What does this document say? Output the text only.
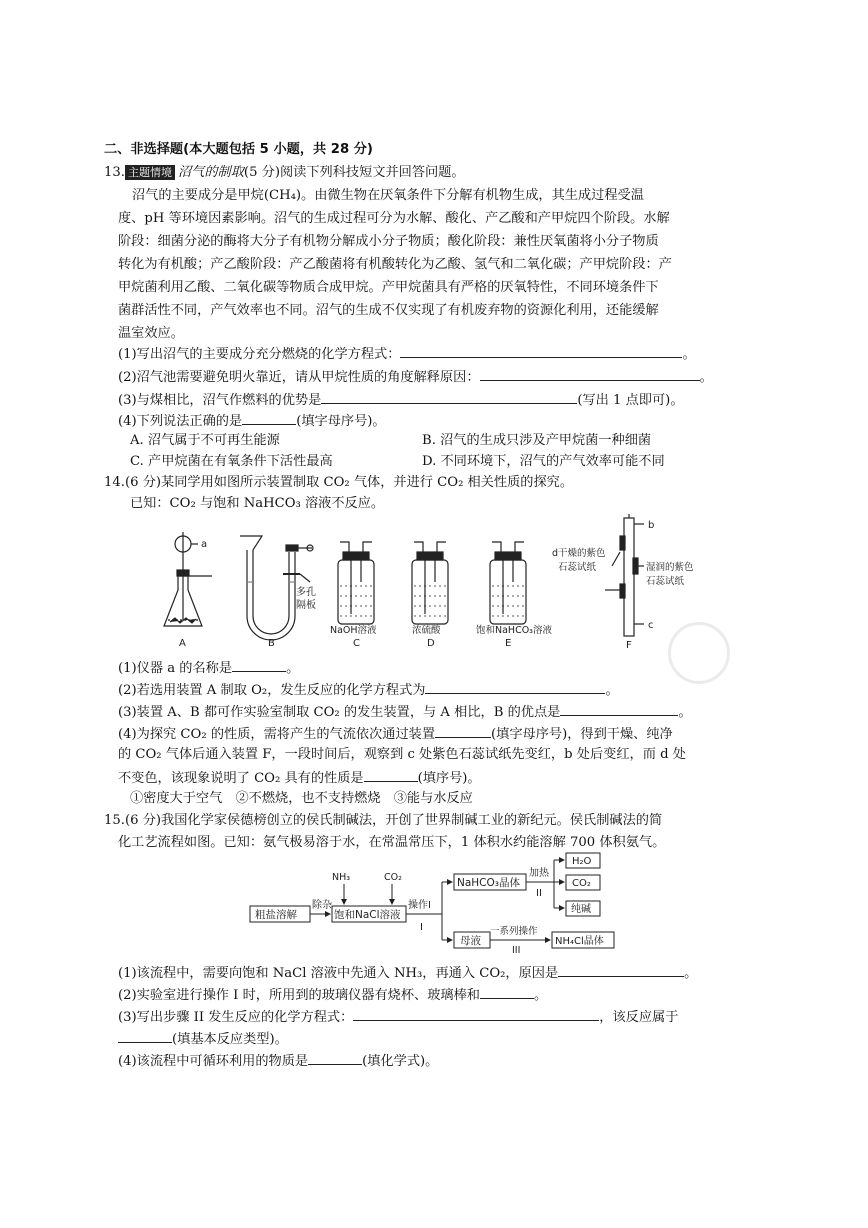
二、非选择题(本大题包括 5 小题，共 28 分)
13. 主题情境 沼气的制取(5 分)阅读下列科技短文并回答问题。
沼气的主要成分是甲烷(CH₄)。由微生物在厌氧条件下分解有机物生成，其生成过程受温
度、pH 等环境因素影响。沼气的生成过程可分为水解、酸化、产乙酸和产甲烷四个阶段。水解
阶段：细菌分泌的酶将大分子有机物分解成小分子物质；酸化阶段：兼性厌氧菌将小分子物质
转化为有机酸；产乙酸阶段：产乙酸菌将有机酸转化为乙酸、氢气和二氧化碳；产甲烷阶段：产
甲烷菌利用乙酸、二氧化碳等物质合成甲烷。产甲烷菌具有严格的厌氧特性，不同环境条件下
菌群活性不同，产气效率也不同。沼气的生成不仅实现了有机废弃物的资源化利用，还能缓解
温室效应。
(1)写出沼气的主要成分充分燃烧的化学方程式：	。
(2)沼气池需要避免明火靠近，请从甲烷性质的角度解释原因：	。
(3)与煤相比，沼气作燃料的优势是	(写出 1 点即可)。
(4)下列说法正确的是	(填字母序号)。
A. 沼气属于不可再生能源	B. 沼气的生成只涉及产甲烷菌一种细菌
C. 产甲烷菌在有氧条件下活性最高	D. 不同环境下，沼气的产气效率可能不同
14.(6 分)某同学用如图所示装置制取 CO₂ 气体，并进行 CO₂ 相关性质的探究。
已知：CO₂ 与饱和 NaHCO₃ 溶液不反应。
a
A
多孔
隔板
B
NaOH溶液
C
浓硫酸
D
饱和NaHCO₃溶液
E
b
c
d干燥的紫色
石蕊试纸	湿润的紫色
石蕊试纸
F
(1)仪器 a 的名称是	。
(2)若选用装置 A 制取 O₂，发生反应的化学方程式为	。
(3)装置 A、B 都可作实验室制取 CO₂ 的发生装置，与 A 相比，B 的优点是	。
(4)为探究 CO₂ 的性质，需将产生的气流依次通过装置	(填字母序号)，得到干燥、纯净
的 CO₂ 气体后通入装置 F，一段时间后，观察到 c 处紫色石蕊试纸先变红，b 处后变红，而 d 处
不变色，该现象说明了 CO₂ 具有的性质是	(填序号)。
①密度大于空气　②不燃烧，也不支持燃烧　③能与水反应
15.(6 分)我国化学家侯德榜创立的侯氏制碱法，开创了世界制碱工业的新纪元。侯氏制碱法的简
化工艺流程如图。已知：氨气极易溶于水，在常温常压下，1 体积水约能溶解 700 体积氨气。
粗盐溶解
除杂
饱和NaCl溶液
NH₃	CO₂
操作I
I
NaHCO₃晶体
加热
II
H₂O
CO₂
纯碱
母液
一系列操作
III
NH₄Cl晶体
(1)该流程中，需要向饱和 NaCl 溶液中先通入 NH₃，再通入 CO₂，原因是	。
(2)实验室进行操作 I 时，所用到的玻璃仪器有烧杯、玻璃棒和	。
(3)写出步骤 II 发生反应的化学方程式：	，该反应属于
(填基本反应类型)。
(4)该流程中可循环利用的物质是	(填化学式)。
